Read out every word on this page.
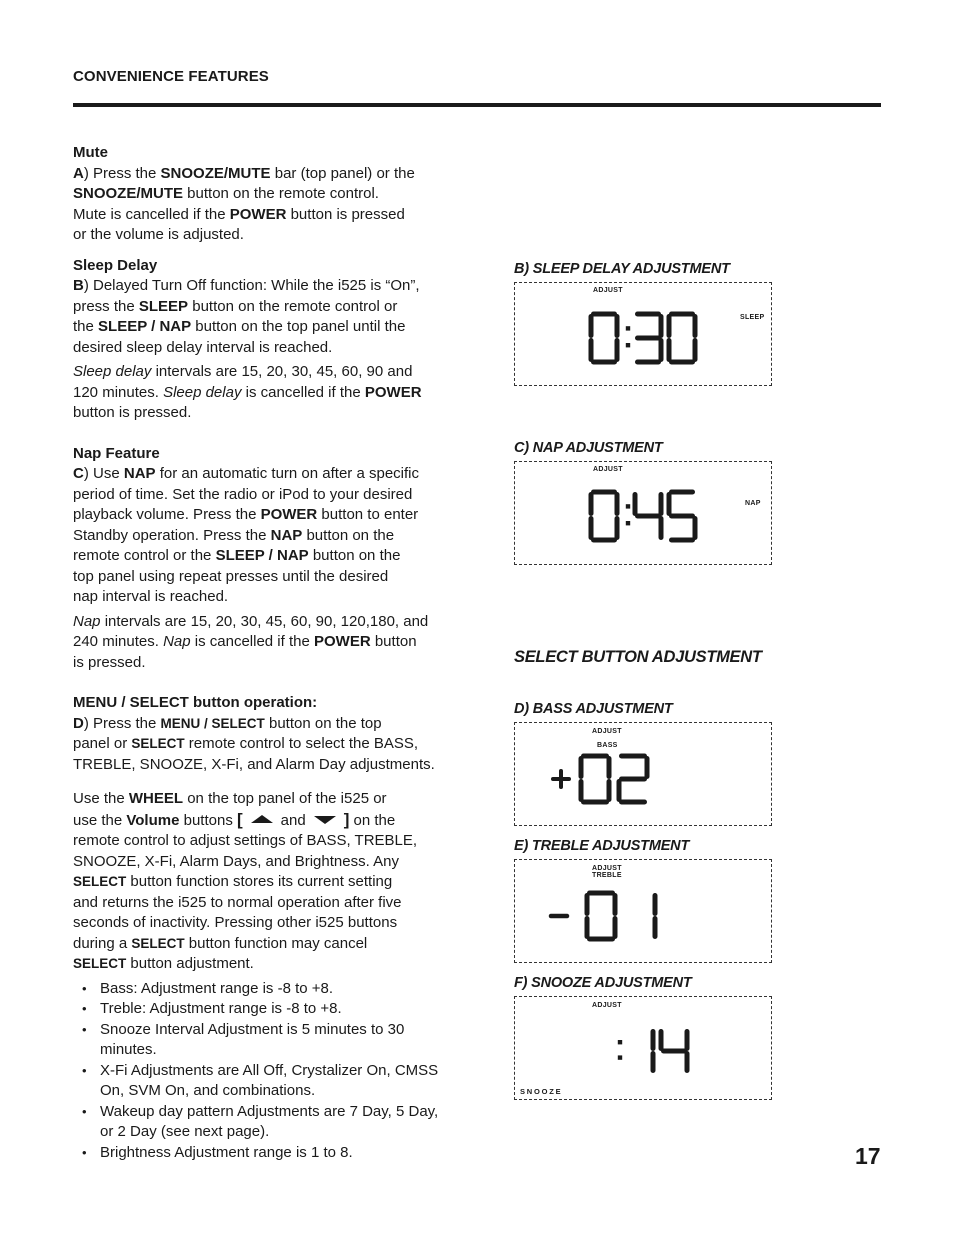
CONVENIENCE FEATURES
Mute

A) Press the SNOOZE/MUTE bar (top panel) or the
SNOOZE/MUTE button on the remote control.
Mute is cancelled if the POWER button is pressed
or the volume is adjusted.

Sleep Delay

B) Delayed Turn Off function: While the i525 is “On”,
press the SLEEP button on the remote control or
the SLEEP / NAP button on the top panel until the
desired sleep delay interval is reached.

Sleep delay intervals are 15, 20, 30, 45, 60, 90 and
120 minutes. Sleep delay is cancelled if the POWER
button is pressed.

Nap Feature

C) Use NAP for an automatic turn on after a specific
period of time. Set the radio or iPod to your desired
playback volume. Press the POWER button to enter
Standby operation. Press the NAP button on the
remote control or the SLEEP / NAP button on the
top panel using repeat presses until the desired
nap interval is reached.

Nap intervals are 15, 20, 30, 45, 60, 90, 120,180, and
240 minutes. Nap is cancelled if the POWER button
is pressed.

MENU / SELECT button operation:

D) Press the MENU / SELECT button on the top
panel or SELECT remote control to select the BASS,
TREBLE, SNOOZE, X-Fi, and Alarm Day adjustments.

Use the WHEEL on the top panel of the i525 or
use the Volume buttons [	and ] on the
remote control to adjust settings of BASS, TREBLE,
SNOOZE, X-Fi, Alarm Days, and Brightness. Any
SELECT button function stores its current setting
and returns the i525 to normal operation after five
seconds of inactivity. Pressing other i525 buttons
during a SELECT button function may cancel
SELECT button adjustment.

• Bass: Adjustment range is -8 to +8.
• Treble: Adjustment range is -8 to +8.
• Snooze Interval Adjustment is 5 minutes to 30 minutes.
• X-Fi Adjustments are All Off, Crystalizer On, CMSS On, SVM On, and combinations.
• Wakeup day pattern Adjustments are 7 Day, 5 Day, or 2 Day (see next page).
• Brightness Adjustment range is 1 to 8.
B) SLEEP DELAY ADJUSTMENT
C) NAP ADJUSTMENT
SELECT BUTTON ADJUSTMENT
D) BASS ADJUSTMENT
E) TREBLE ADJUSTMENT
F) SNOOZE ADJUSTMENT
ADJUST
SLEEP
ADJUST
NAP
ADJUST
BASS
ADJUST
TREBLE
ADJUST
SNOOZE
17
